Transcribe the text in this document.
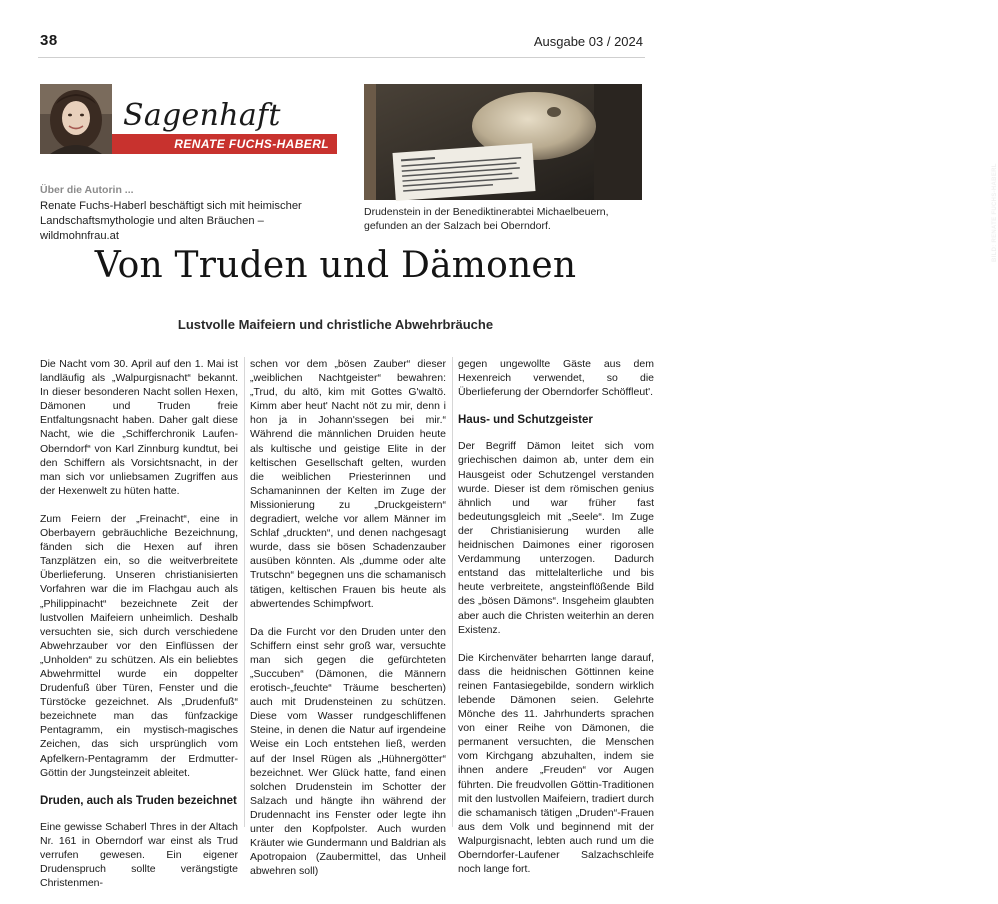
38	Ausgabe 03 / 2024
Sagenhaft
RENATE FUCHS-HABERL
Über die Autorin ...
Renate Fuchs-Haberl beschäftigt sich mit heimischer Landschaftsmythologie und alten Bräuchen – wildmohnfrau.at	BILD: RENATE FUCHS-HABERL
Drudenstein in der Benediktinerabtei Michaelbeuern, gefunden an der Salzach bei Oberndorf.
Von Truden und Dämonen
Lustvolle Maifeiern und christliche Abwehrbräuche

Die Nacht vom 30. April auf den 1. Mai ist landläufig als „Walpurgisnacht“ bekannt. In dieser besonderen Nacht sollen Hexen, Dämonen und Truden freie Entfaltungsnacht haben. Daher galt diese Nacht, wie die „Schifferchronik Laufen-Oberndorf“ von Karl Zinnburg kundtut, bei den Schiffern als Vorsichtsnacht, in der man sich vor unliebsamen Zugriffen aus der Hexenwelt zu hüten hatte.

Zum Feiern der „Freinacht“, eine in Oberbayern gebräuchliche Bezeichnung, fänden sich die Hexen auf ihren Tanzplätzen ein, so die weitverbreitete Überlieferung. Unseren christianisierten Vorfahren war die im Flachgau auch als „Philippinacht“ bezeichnete Zeit der lustvollen Maifeiern unheimlich. Deshalb versuchten sie, sich durch verschiedene Abwehrzauber vor den Einflüssen der „Unholden“ zu schützen. Als ein beliebtes Abwehrmittel wurde ein doppelter Drudenfuß über Türen, Fenster und die Türstöcke gezeichnet. Als „Drudenfuß“ bezeichnete man das fünfzackige Pentagramm, ein mystisch-magisches Zeichen, das sich ursprünglich vom Apfelkern-Pentagramm der Erdmutter-Göttin der Jungsteinzeit ableitet.

Druden, auch als Truden bezeichnet

Eine gewisse Schaberl Thres in der Altach Nr. 161 in Oberndorf war einst als Trud verrufen gewesen. Ein eigener Drudenspruch sollte verängstigte Christenmen-

schen vor dem „bösen Zauber“ dieser „weiblichen Nachtgeister“ bewahren: „Trud, du altö, kim mit Gottes G'waltö. Kimm aber heut' Nacht nöt zu mir, denn i hon ja in Johann'ssegen bei mir.“ Während die männlichen Druiden heute als kultische und geistige Elite in der keltischen Gesellschaft gelten, wurden die weiblichen Priesterinnen und Schamaninnen der Kelten im Zuge der Missionierung zu „Druckgeistern“ degradiert, welche vor allem Männer im Schlaf „druckten“, und denen nachgesagt wurde, dass sie bösen Schadenzauber ausüben könnten. Als „dumme oder alte Trutschn“ begegnen uns die schamanisch tätigen, keltischen Frauen bis heute als abwertendes Schimpfwort.

Da die Furcht vor den Druden unter den Schiffern einst sehr groß war, versuchte man sich gegen die gefürchteten „Succuben“ (Dämonen, die Männern erotisch-„feuchte“ Träume bescherten) auch mit Drudensteinen zu schützen. Diese vom Wasser rundgeschliffenen Steine, in denen die Natur auf irgendeine Weise ein Loch entstehen ließ, werden auf der Insel Rügen als „Hühnergötter“ bezeichnet. Wer Glück hatte, fand einen solchen Drudenstein im Schotter der Salzach und hängte ihn während der Drudennacht ins Fenster oder legte ihn unter den Kopfpolster. Auch wurden Kräuter wie Gundermann und Baldrian als Apotropaion (Zaubermittel, das Unheil abwehren soll)

gegen ungewollte Gäste aus dem Hexenreich verwendet, so die Überlieferung der Oberndorfer Schöffleut'.

Haus- und Schutzgeister

Der Begriff Dämon leitet sich vom griechischen daimon ab, unter dem ein Hausgeist oder Schutzengel verstanden wurde. Dieser ist dem römischen genius ähnlich und war früher fast bedeutungsgleich mit „Seele“. Im Zuge der Christianisierung wurden alle heidnischen Daimones einer rigorosen Verdammung unterzogen. Dadurch entstand das mittelalterliche und bis heute verbreitete, angsteinflößende Bild des „bösen Dämons“. Insgeheim glaubten aber auch die Christen weiterhin an deren Existenz.

Die Kirchenväter beharrten lange darauf, dass die heidnischen Göttinnen keine reinen Fantasiegebilde, sondern wirklich lebende Dämonen seien. Gelehrte Mönche des 11. Jahrhunderts sprachen von einer Reihe von Dämonen, die permanent versuchten, die Menschen vom Kirchgang abzuhalten, indem sie ihnen andere „Freuden“ vor Augen führten. Die freudvollen Göttin-Traditionen mit den lustvollen Maifeiern, tradiert durch die schamanisch tätigen „Druden“-Frauen aus dem Volk und beginnend mit der Walpurgisnacht, lebten auch rund um die Oberndorfer-Laufener Salzachschleife noch lange fort.
